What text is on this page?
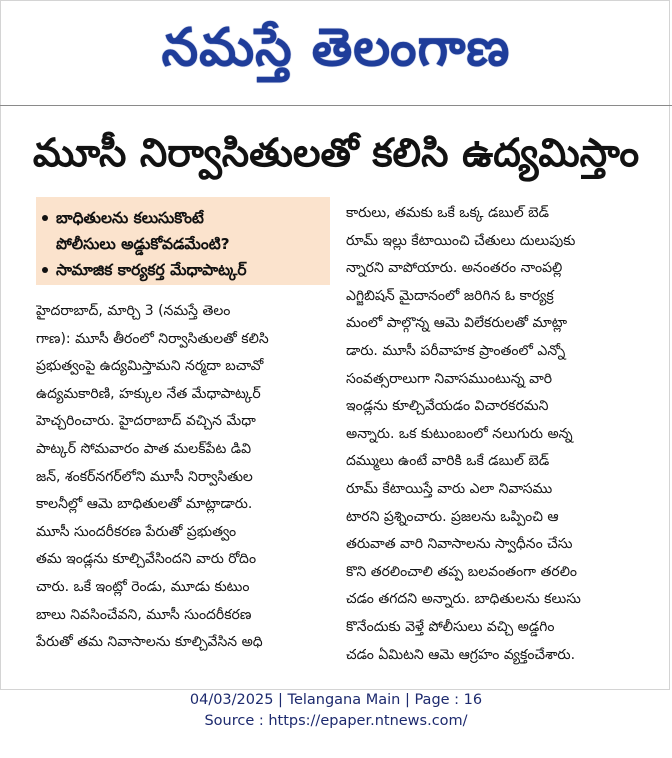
నమస్తే తెలంగాణ
మూసీ నిర్వాసితులతో కలిసి ఉద్యమిస్తాం
బాధితులను కలుసుకొంటే
పోలీసులు అడ్డుకోవడమేంటి?
సామాజిక కార్యకర్త మేధాపాట్కర్
హైదరాబాద్, మార్చి 3 (నమస్తే తెలం
గాణ): మూసీ తీరంలో నిర్వాసితులతో కలిసి
ప్రభుత్వంపై ఉద్యమిస్తామని నర్మదా బచావో
ఉద్యమకారిణి, హక్కుల నేత మేధాపాట్కర్
హెచ్చరించారు. హైదరాబాద్ వచ్చిన మేధా
పాట్కర్ సోమవారం పాత మలక్‌పేట డివి
జన్, శంకర్‌నగర్‌లోని మూసీ నిర్వాసితుల
కాలనీల్లో ఆమె బాధితులతో మాట్లాడారు.
మూసీ సుందరీకరణ పేరుతో ప్రభుత్వం
తమ ఇండ్లను కూల్చివేసిందని వారు రోదిం
చారు. ఒకే ఇంట్లో రెండు, మూడు కుటుం
బాలు నివసించేవని, మూసీ సుందరీకరణ
పేరుతో తమ నివాసాలను కూల్చివేసిన అధి
కారులు, తమకు ఒకే ఒక్క డబుల్ బెడ్
రూమ్ ఇల్లు కేటాయించి చేతులు దులుపుకు
న్నారని వాపోయారు. అనంతరం నాంపల్లి
ఎగ్జిబిషన్ మైదానంలో జరిగిన ఓ కార్యక్ర
మంలో పాల్గొన్న ఆమె విలేకరులతో మాట్లా
డారు. మూసీ పరీవాహక ప్రాంతంలో ఎన్నో
సంవత్సరాలుగా నివాసముంటున్న వారి
ఇండ్లను కూల్చివేయడం విచారకరమని
అన్నారు. ఒక కుటుంబంలో నలుగురు అన్న
దమ్ములు ఉంటే వారికి ఒకే డబుల్ బెడ్
రూమ్ కేటాయిస్తే వారు ఎలా నివాసము
టారని ప్రశ్నించారు. ప్రజలను ఒప్పించి ఆ
తరువాత వారి నివాసాలను స్వాధీనం చేసు
కొని తరలించాలి తప్ప బలవంతంగా తరలిం
చడం తగదని అన్నారు. బాధితులను కలుసు
కొనేందుకు వెళ్తే పోలీసులు వచ్చి అడ్డగిం
చడం ఏమిటని ఆమె ఆగ్రహం వ్యక్తంచేశారు.
04/03/2025 | Telangana Main | Page : 16
Source : https://epaper.ntnews.com/
